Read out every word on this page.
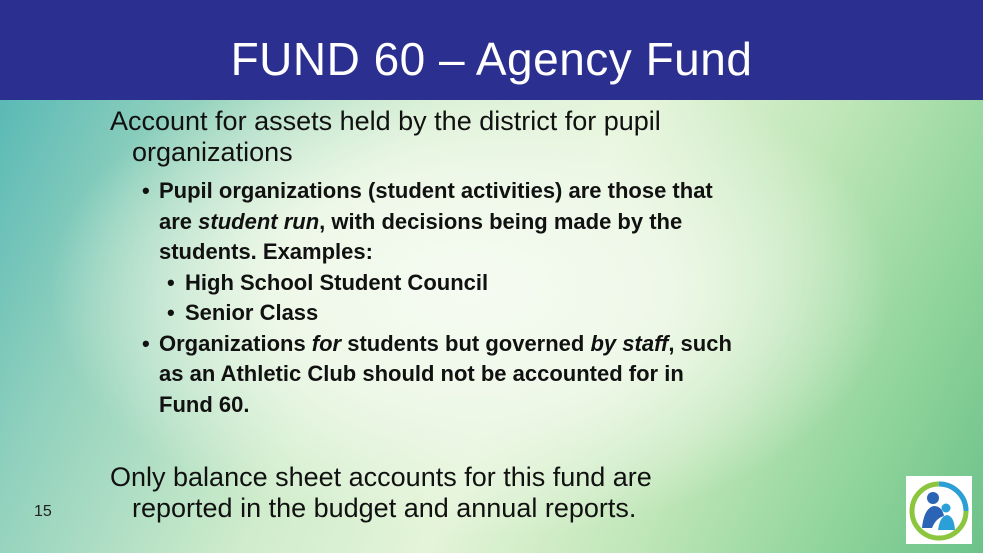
FUND 60 – Agency Fund
Account for assets held by the district for pupil
organizations
• Pupil organizations (student activities) are those that
are student run, with decisions being made by the
students. Examples:
• High School Student Council
• Senior Class
• Organizations for students but governed by staff, such
as an Athletic Club should not be accounted for in
Fund 60.
Only balance sheet accounts for this fund are
reported in the budget and annual reports.
15
